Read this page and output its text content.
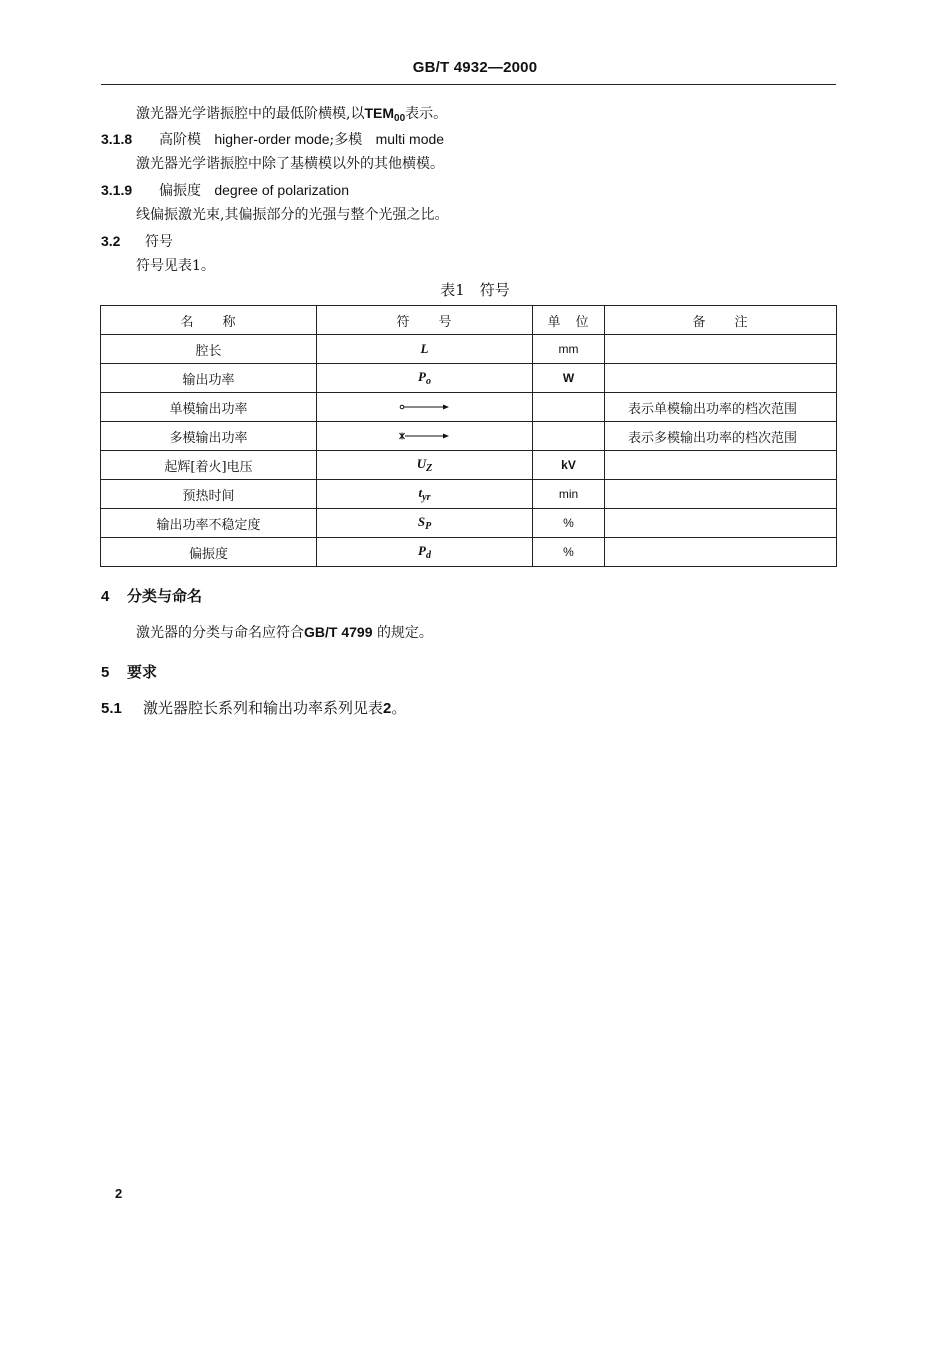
GB/T 4932—2000
激光器光学谐振腔中的最低阶横模,以$TEM_{00}$表示。
3.1.8 高阶模 higher-order mode;多模 multi mode
激光器光学谐振腔中除了基横模以外的其他横模。
3.1.9 偏振度 degree of polarization
线偏振激光束,其偏振部分的光强与整个光强之比。
3.2 符号
符号见表1。
表1　符号
名　　称	符　　号	单　位	备　　注
腔长	L	mm	
输出功率	$P_o$	W	
单模输出功率			表示单模输出功率的档次范围
多模输出功率			表示多模输出功率的档次范围
起辉[着火]电压	$U_Z$	kV	
预热时间	$t_{yr}$	min	
输出功率不稳定度	$S_P$	%	
偏振度	$P_d$	%	
4 分类与命名
激光器的分类与命名应符合GB/T 4799 的规定。
5 要求
5.1 激光器腔长系列和输出功率系列见表2。
2
